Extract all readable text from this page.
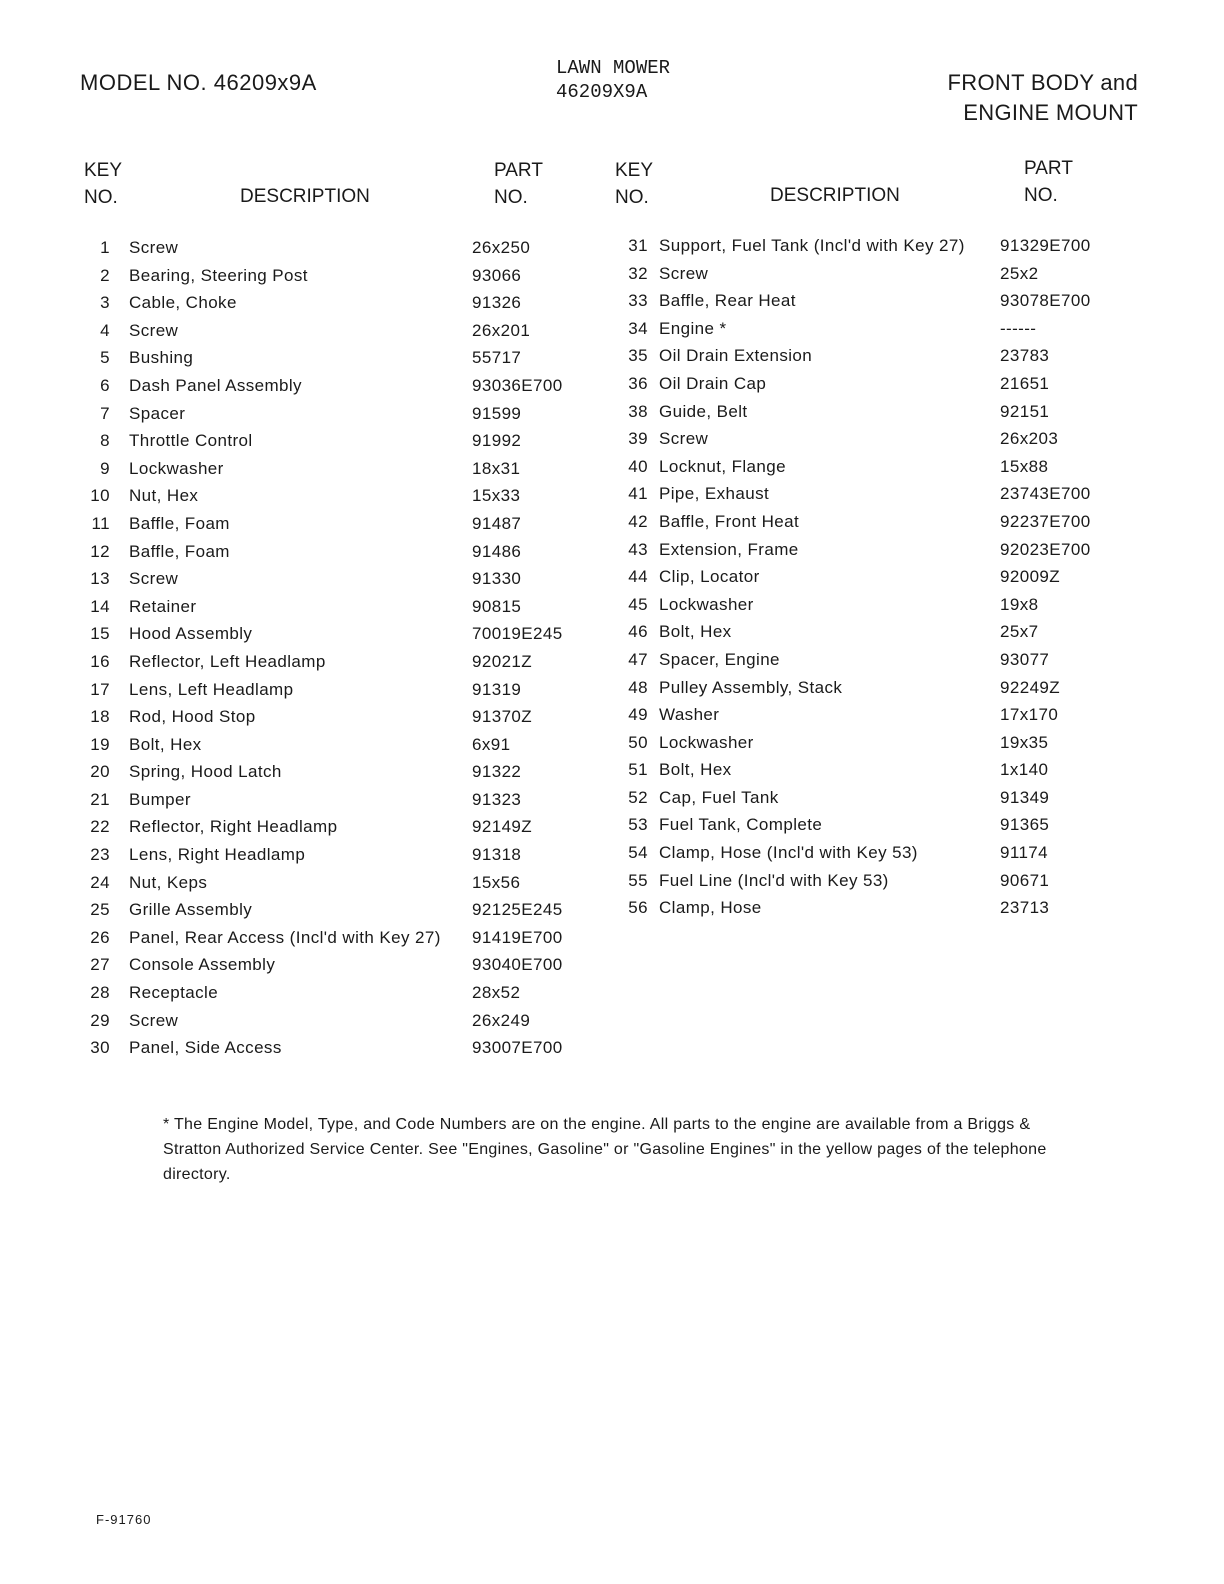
MODEL NO. 46209x9A
LAWN MOWER
46209X9A	FRONT BODY and
ENGINE MOUNT
KEY
NO.	DESCRIPTION
PART
NO.
KEY
NO.	DESCRIPTION
PART
NO.
1 Screw	26x250
2 Bearing, Steering Post	93066
3 Cable, Choke	91326
4 Screw	26x201
5 Bushing	55717
6 Dash Panel Assembly	93036E700
7 Spacer	91599
8 Throttle Control	91992
9 Lockwasher	18x31
10 Nut, Hex	15x33
11 Baffle, Foam	91487
12 Baffle, Foam	91486
13 Screw	91330
14 Retainer	90815
15 Hood Assembly	70019E245
16 Reflector, Left Headlamp	92021Z
17 Lens, Left Headlamp	91319
18 Rod, Hood Stop	91370Z
19 Bolt, Hex	6x91
20 Spring, Hood Latch	91322
21 Bumper	91323
22 Reflector, Right Headlamp	92149Z
23 Lens, Right Headlamp	91318
24 Nut, Keps	15x56
25 Grille Assembly	92125E245
26 Panel, Rear Access (Incl'd with Key 27) 91419E700
27 Console Assembly	93040E700
28 Receptacle	28x52
29 Screw	26x249
30 Panel, Side Access	93007E700
31 Support, Fuel Tank (Incl'd with Key 27) 91329E700
32 Screw	25x2
33 Baffle, Rear Heat	93078E700
34 Engine *	------
35 Oil Drain Extension	23783
36 Oil Drain Cap	21651
38 Guide, Belt	92151
39 Screw	26x203
40 Locknut, Flange	15x88
41 Pipe, Exhaust	23743E700
42 Baffle, Front Heat	92237E700
43 Extension, Frame	92023E700
44 Clip, Locator	92009Z
45 Lockwasher	19x8
46 Bolt, Hex	25x7
47 Spacer, Engine	93077
48 Pulley Assembly, Stack	92249Z
49 Washer	17x170
50 Lockwasher	19x35
51 Bolt, Hex	1x140
52 Cap, Fuel Tank	91349
53 Fuel Tank, Complete	91365
54 Clamp, Hose (Incl'd with Key 53)	91174
55 Fuel Line (Incl'd with Key 53)	90671
56 Clamp, Hose	23713
* The Engine Model, Type, and Code Numbers are on the engine. All parts to the engine are available from a Briggs & Stratton Authorized Service Center. See "Engines, Gasoline" or "Gasoline Engines" in the yellow pages of the telephone directory.
F-91760
